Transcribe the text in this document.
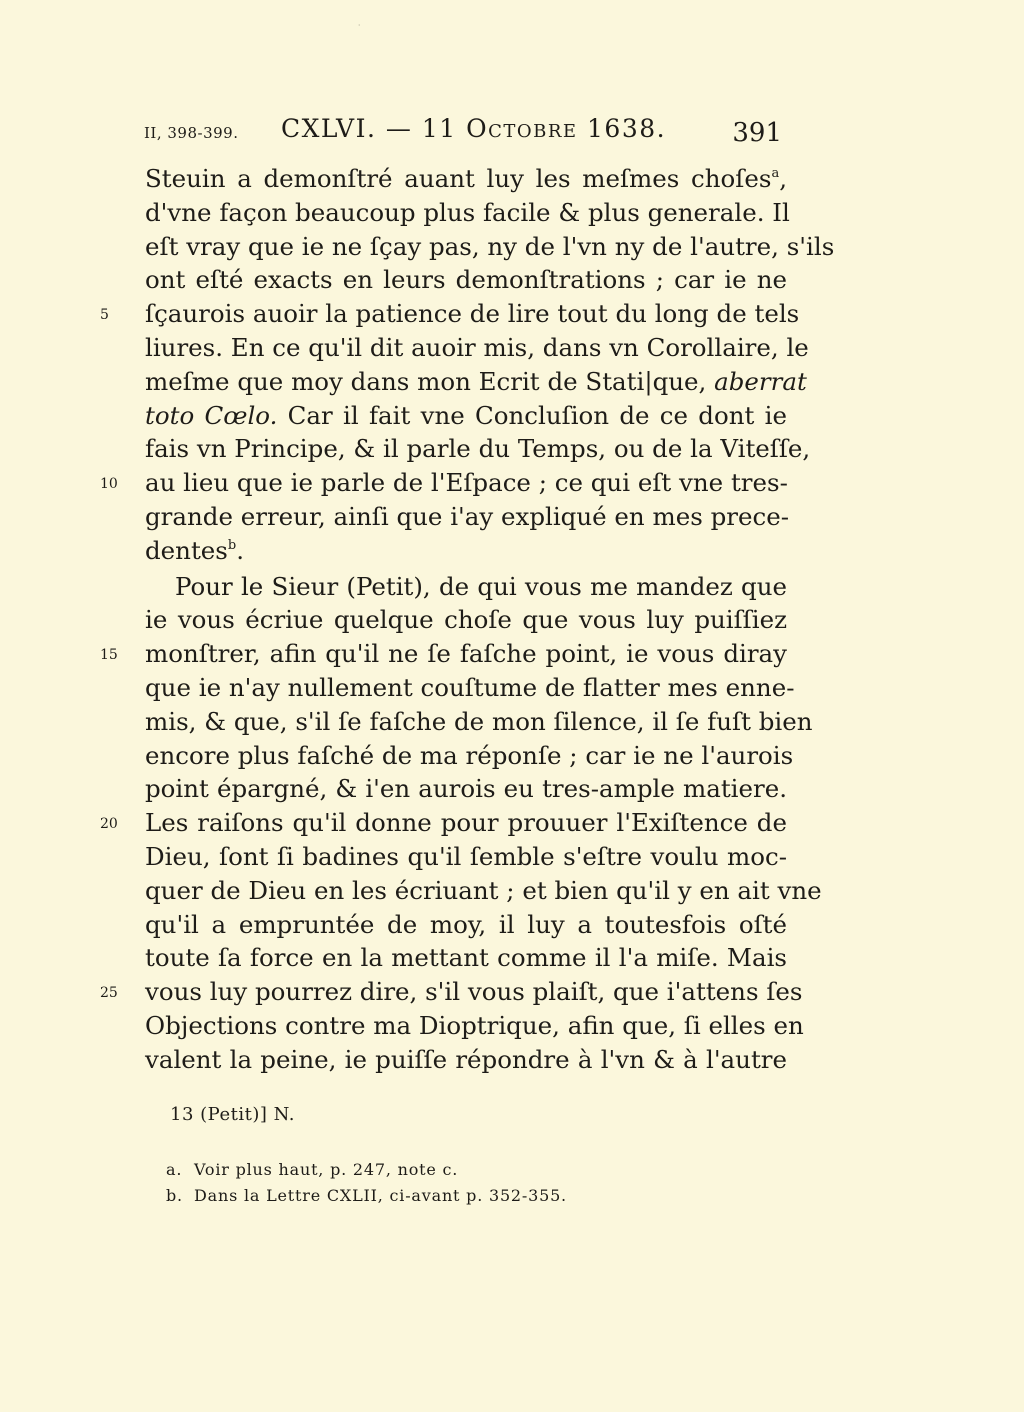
⸱
II, 398-399. CXLVI. — 11 Octobre 1638.	391
Steuin a demonſtré auant luy les meſmes choſes$^a$,
d'vne façon beaucoup plus facile & plus generale. Il
eſt vray que ie ne ſçay pas, ny de l'vn ny de l'autre, s'ils
ont eſté exacts en leurs demonſtrations ; car ie ne
5	ſçaurois auoir la patience de lire tout du long de tels
liures. En ce qu'il dit auoir mis, dans vn Corollaire, le
meſme que moy dans mon Ecrit de Stati|que, aberrat
toto Cœlo. Car il fait vne Concluſion de ce dont ie
fais vn Principe, & il parle du Temps, ou de la Viteſſe,
10 au lieu que ie parle de l'Eſpace ; ce qui eſt vne tres-
grande erreur, ainſi que i'ay expliqué en mes prece-
dentes$^b$.
Pour le Sieur (Petit), de qui vous me mandez que
ie vous écriue quelque choſe que vous luy puiſſiez
15 monſtrer, afin qu'il ne ſe faſche point, ie vous diray
que ie n'ay nullement couſtume de flatter mes enne-
mis, & que, s'il ſe faſche de mon ſilence, il ſe fuſt bien
encore plus faſché de ma réponſe ; car ie ne l'aurois
point épargné, & i'en aurois eu tres-ample matiere.
20 Les raiſons qu'il donne pour prouuer l'Exiſtence de
Dieu, ſont ſi badines qu'il ſemble s'eſtre voulu moc-
quer de Dieu en les écriuant ; et bien qu'il y en ait vne
qu'il a empruntée de moy, il luy a toutesfois oſté
toute ſa force en la mettant comme il l'a miſe. Mais
25 vous luy pourrez dire, s'il vous plaiſt, que i'attens ſes
Objections contre ma Dioptrique, afin que, ſi elles en
valent la peine, ie puiſſe répondre à l'vn & à l'autre
13 (Petit)] N.
a. Voir plus haut, p. 247, note c.
b. Dans la Lettre CXLII, ci-avant p. 352-355.
